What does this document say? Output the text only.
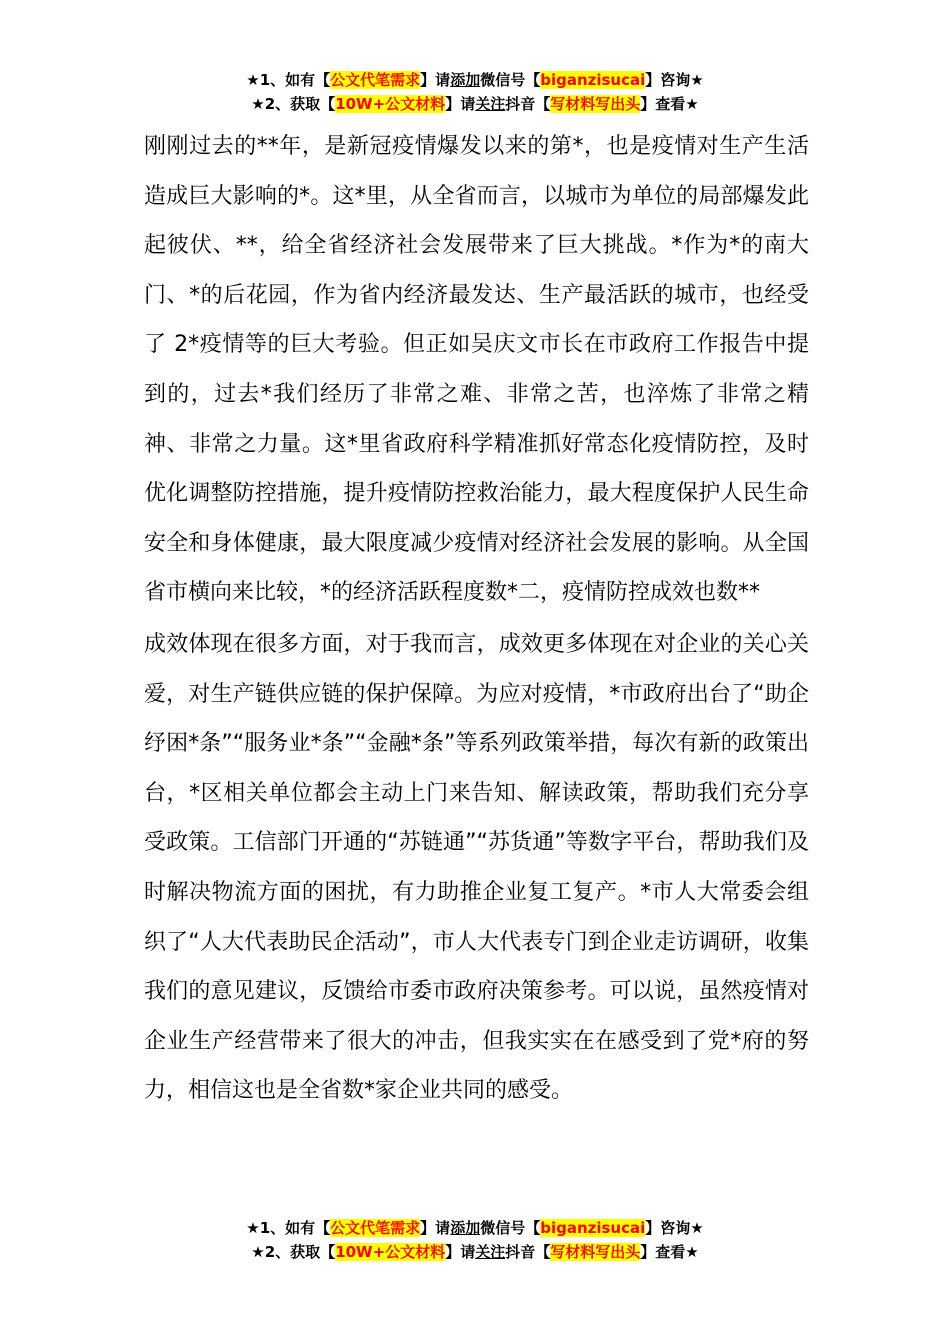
★1、如有【公文代笔需求】请添加微信号【biganzisucai】咨询★
★2、获取【10W+公文材料】请关注抖音【写材料写出头】查看★

刚刚过去的**年，是新冠疫情爆发以来的第*，也是疫情对生产生活造成巨大影响的*。这*里，从全省而言，以城市为单位的局部爆发此起彼伏、**，给全省经济社会发展带来了巨大挑战。*作为*的南大门、*的后花园，作为省内经济最发达、生产最活跃的城市，也经受了 2*疫情等的巨大考验。但正如吴庆文市长在市政府工作报告中提到的，过去*我们经历了非常之难、非常之苦，也淬炼了非常之精神、非常之力量。这*里省政府科学精准抓好常态化疫情防控，及时优化调整防控措施，提升疫情防控救治能力，最大程度保护人民生命安全和身体健康，最大限度减少疫情对经济社会发展的影响。从全国省市横向来比较，*的经济活跃程度数*二，疫情防控成效也数**

成效体现在很多方面，对于我而言，成效更多体现在对企业的关心关爱，对生产链供应链的保护保障。为应对疫情，*市政府出台了“助企纾困*条”“服务业*条”“金融*条”等系列政策举措，每次有新的政策出台，*区相关单位都会主动上门来告知、解读政策，帮助我们充分享受政策。工信部门开通的“苏链通”“苏货通”等数字平台，帮助我们及时解决物流方面的困扰，有力助推企业复工复产。*市人大常委会组织了“人大代表助民企活动”，市人大代表专门到企业走访调研，收集我们的意见建议，反馈给市委市政府决策参考。可以说，虽然疫情对企业生产经营带来了很大的冲击，但我实实在在感受到了党*府的努力，相信这也是全省数*家企业共同的感受。

★1、如有【公文代笔需求】请添加微信号【biganzisucai】咨询★
★2、获取【10W+公文材料】请关注抖音【写材料写出头】查看★
